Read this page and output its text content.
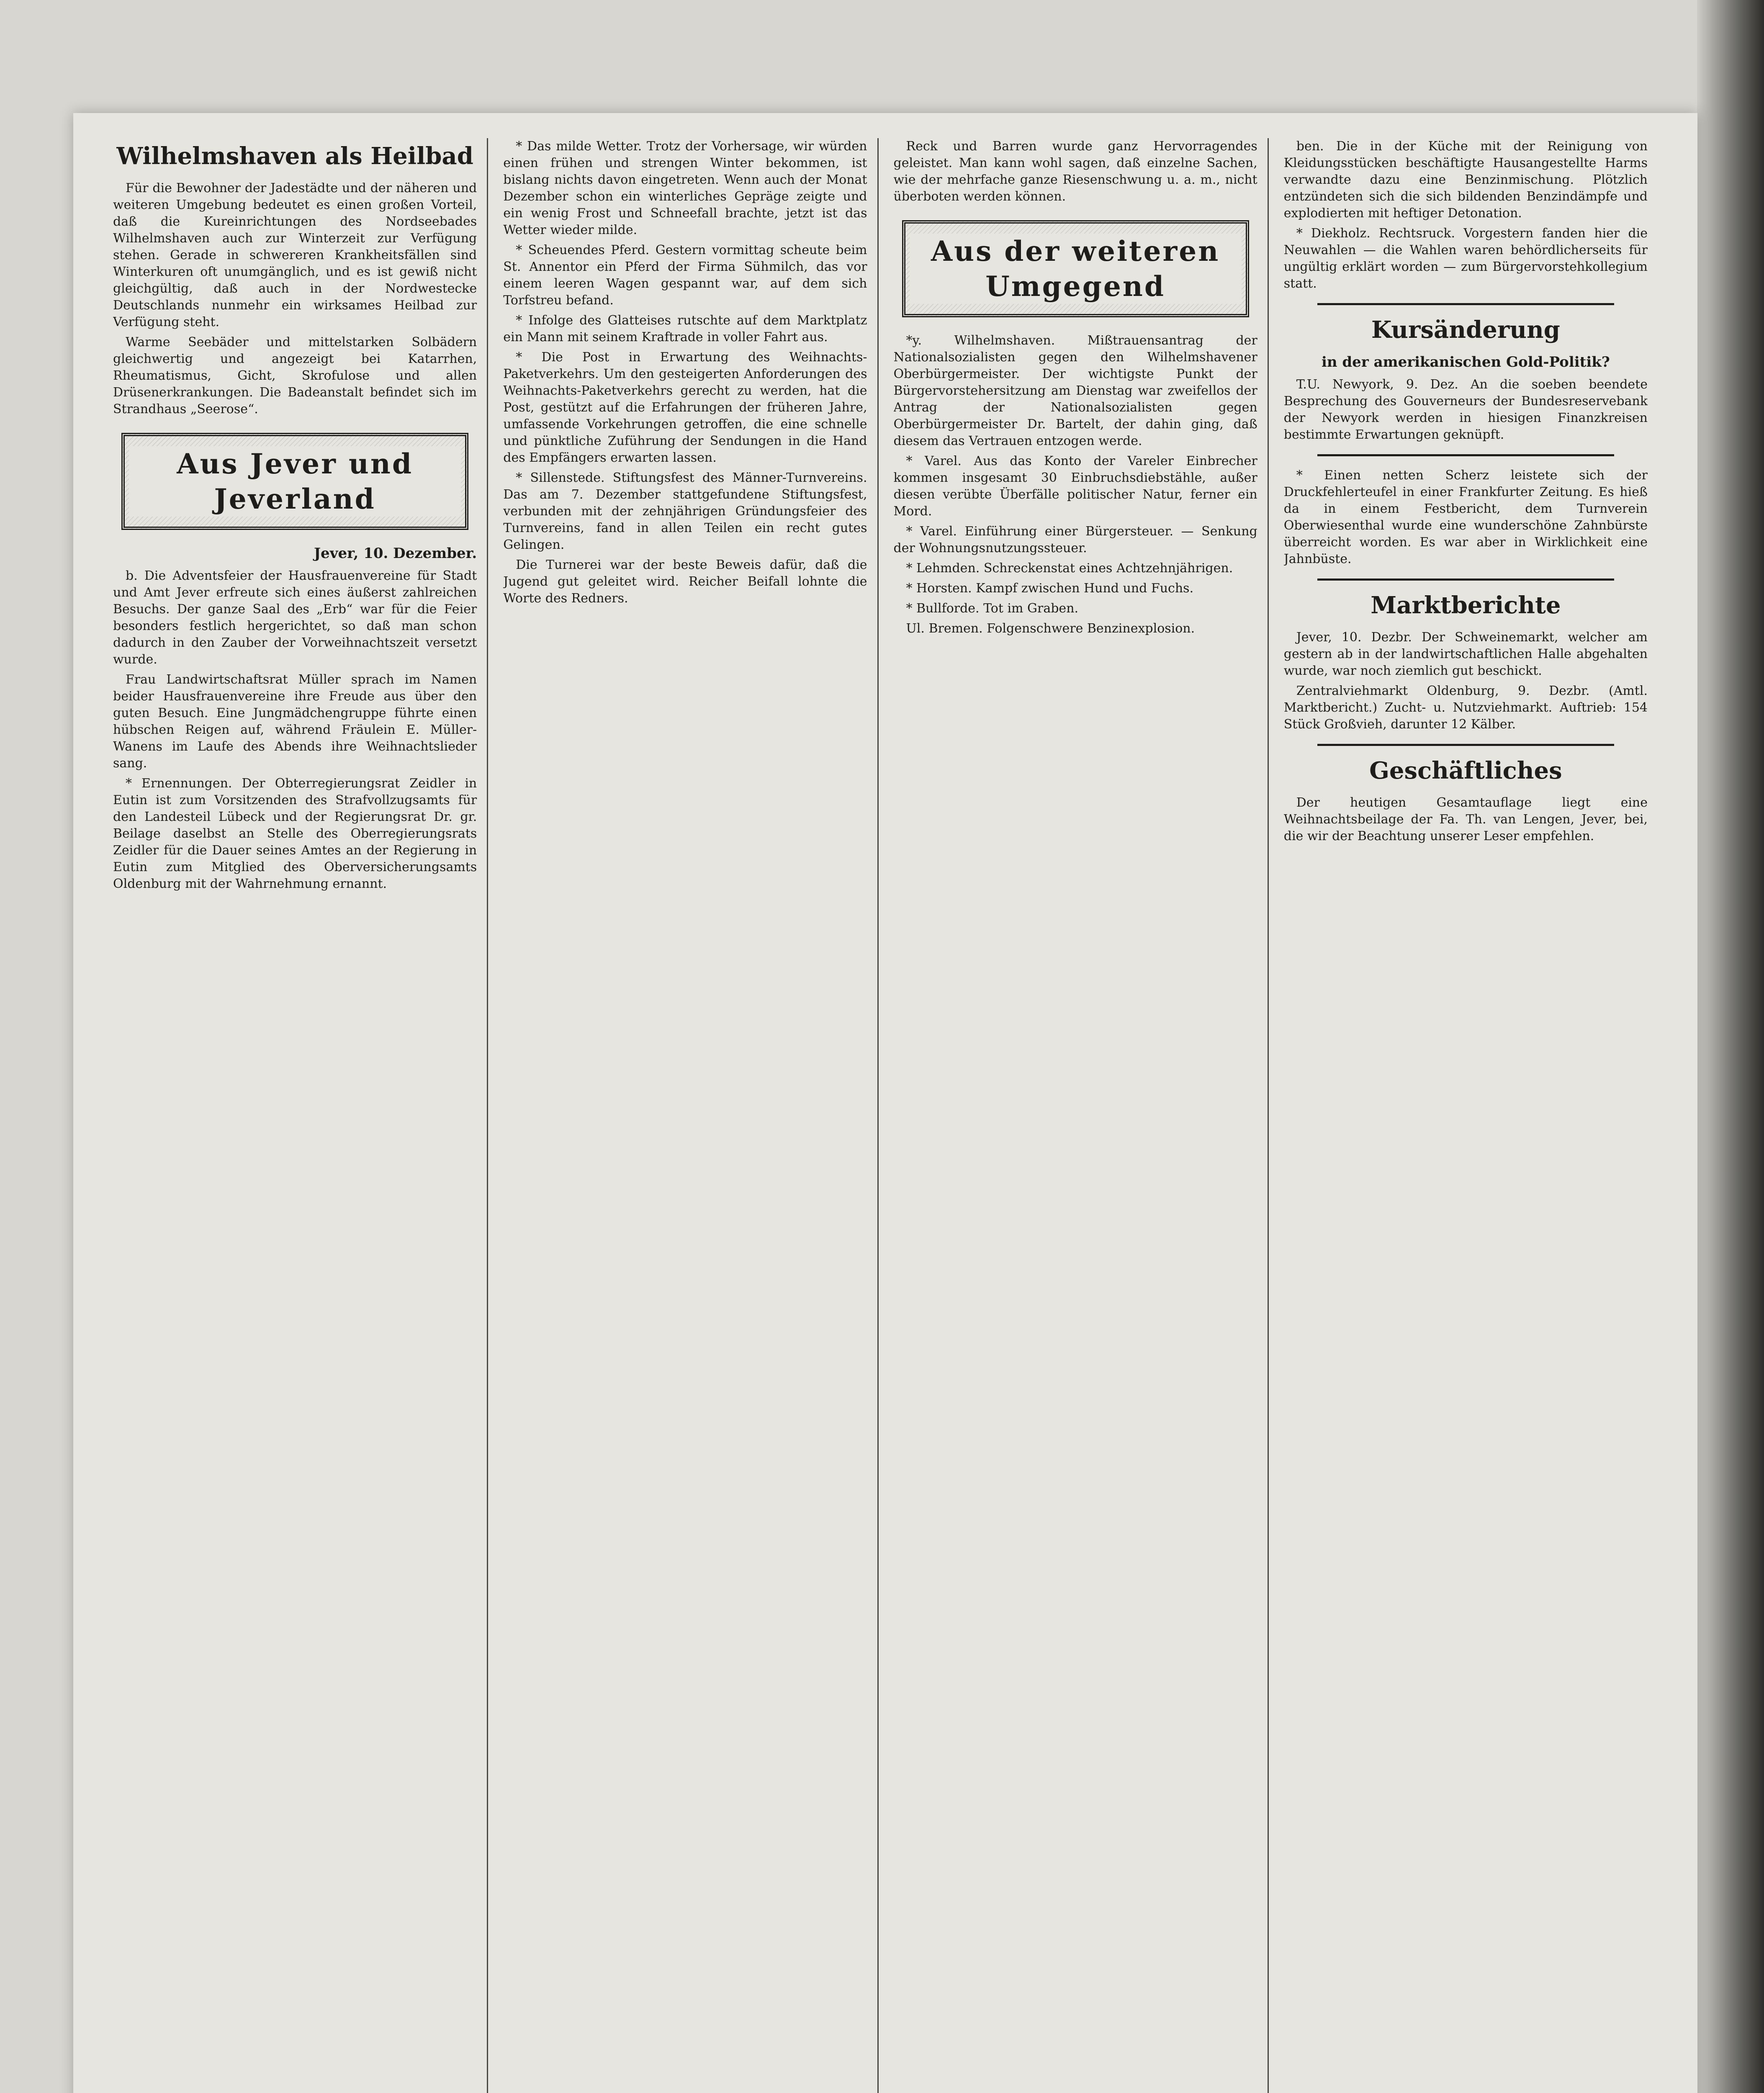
Wilhelmshaven als Heilbad

Für die Bewohner der Jadestädte und der näheren und weiteren Umgebung bedeutet es einen großen Vorteil, daß die Kureinrichtungen des Nordseebades Wilhelmshaven auch zur Winterzeit zur Verfügung stehen. Gerade in schwereren Krankheitsfällen sind Winterkuren oft unumgänglich, und es ist gewiß nicht gleichgültig, daß auch in der Nordwestecke Deutschlands nunmehr ein wirksames Heilbad zur Verfügung steht.

Warme Seebäder und mittelstarken Solbädern gleichwertig und angezeigt bei Katarrhen, Rheumatismus, Gicht, Skrofulose und allen Drüsenerkrankungen. Die Badeanstalt befindet sich im Strandhaus „Seerose“.

Aus Jever und Jeverland
Jever, 10. Dezember.

b. Die Adventsfeier der Hausfrauenvereine für Stadt und Amt Jever erfreute sich eines äußerst zahlreichen Besuchs. Der ganze Saal des „Erb“ war für die Feier besonders festlich hergerichtet, so daß man schon dadurch in den Zauber der Vorweihnachtszeit versetzt wurde.

Frau Landwirtschaftsrat Müller sprach im Namen beider Hausfrauenvereine ihre Freude aus über den guten Besuch. Eine Jungmädchengruppe führte einen hübschen Reigen auf, während Fräulein E. Müller-Wanens im Laufe des Abends ihre Weihnachtslieder sang.

* Ernennungen. Der Obterregierungsrat Zeidler in Eutin ist zum Vorsitzenden des Strafvollzugsamts für den Landesteil Lübeck und der Regierungsrat Dr. gr. Beilage daselbst an Stelle des Oberregierungsrats Zeidler für die Dauer seines Amtes an der Regierung in Eutin zum Mitglied des Oberversicherungsamts Oldenburg mit der Wahrnehmung ernannt.

* Das milde Wetter. Trotz der Vorhersage, wir würden einen frühen und strengen Winter bekommen, ist bislang nichts davon eingetreten. Wenn auch der Monat Dezember schon ein winterliches Gepräge zeigte und ein wenig Frost und Schneefall brachte, jetzt ist das Wetter wieder milde.

* Scheuendes Pferd. Gestern vormittag scheute beim St. Annentor ein Pferd der Firma Sühmilch, das vor einem leeren Wagen gespannt war, auf dem sich Torfstreu befand.

* Infolge des Glatteises rutschte auf dem Marktplatz ein Mann mit seinem Kraftrade in voller Fahrt aus.

* Die Post in Erwartung des Weihnachts-Paketverkehrs. Um den gesteigerten Anforderungen des Weihnachts-Paketverkehrs gerecht zu werden, hat die Post, gestützt auf die Erfahrungen der früheren Jahre, umfassende Vorkehrungen getroffen, die eine schnelle und pünktliche Zuführung der Sendungen in die Hand des Empfängers erwarten lassen.

* Sillenstede. Stiftungsfest des Männer-Turnvereins. Das am 7. Dezember stattgefundene Stiftungsfest, verbunden mit der zehnjährigen Gründungsfeier des Turnvereins, fand in allen Teilen ein recht gutes Gelingen.

Die Turnerei war der beste Beweis dafür, daß die Jugend gut geleitet wird. Reicher Beifall lohnte die Worte des Redners.

Reck und Barren wurde ganz Hervorragendes geleistet. Man kann wohl sagen, daß einzelne Sachen, wie der mehrfache ganze Riesenschwung u. a. m., nicht überboten werden können.

Aus der weiteren Umgegend

*y. Wilhelmshaven. Mißtrauensantrag der Nationalsozialisten gegen den Wilhelmshavener Oberbürgermeister. Der wichtigste Punkt der Bürgervorstehersitzung am Dienstag war zweifellos der Antrag der Nationalsozialisten gegen Oberbürgermeister Dr. Bartelt, der dahin ging, daß diesem das Vertrauen entzogen werde.

* Varel. Aus das Konto der Vareler Einbrecher kommen insgesamt 30 Einbruchsdiebstähle, außer diesen verübte Überfälle politischer Natur, ferner ein Mord.

* Varel. Einführung einer Bürgersteuer. — Senkung der Wohnungsnutzungssteuer.

* Lehmden. Schreckenstat eines Achtzehnjährigen.

* Horsten. Kampf zwischen Hund und Fuchs.

* Bullforde. Tot im Graben.

Ul. Bremen. Folgenschwere Benzinexplosion.

ben. Die in der Küche mit der Reinigung von Kleidungsstücken beschäftigte Hausangestellte Harms verwandte dazu eine Benzinmischung. Plötzlich entzündeten sich die sich bildenden Benzindämpfe und explodierten mit heftiger Detonation.

* Diekholz. Rechtsruck. Vorgestern fanden hier die Neuwahlen — die Wahlen waren behördlicherseits für ungültig erklärt worden — zum Bürgervorstehkollegium statt.

Kursänderung
in der amerikanischen Gold-Politik?

T.U. Newyork, 9. Dez. An die soeben beendete Besprechung des Gouverneurs der Bundesreservebank der Newyork werden in hiesigen Finanzkreisen bestimmte Erwartungen geknüpft.

* Einen netten Scherz leistete sich der Druckfehlerteufel in einer Frankfurter Zeitung. Es hieß da in einem Festbericht, dem Turnverein Oberwiesenthal wurde eine wunderschöne Zahnbürste überreicht worden. Es war aber in Wirklichkeit eine Jahnbüste.

Marktberichte

Jever, 10. Dezbr. Der Schweinemarkt, welcher am gestern ab in der landwirtschaftlichen Halle abgehalten wurde, war noch ziemlich gut beschickt.

Zentralviehmarkt Oldenburg, 9. Dezbr. (Amtl. Marktbericht.) Zucht- u. Nutzviehmarkt. Auftrieb: 154 Stück Großvieh, darunter 12 Kälber.

Geschäftliches

Der heutigen Gesamtauflage liegt eine Weihnachtsbeilage der Fa. Th. van Lengen, Jever, bei, die wir der Beachtung unserer Leser empfehlen.
